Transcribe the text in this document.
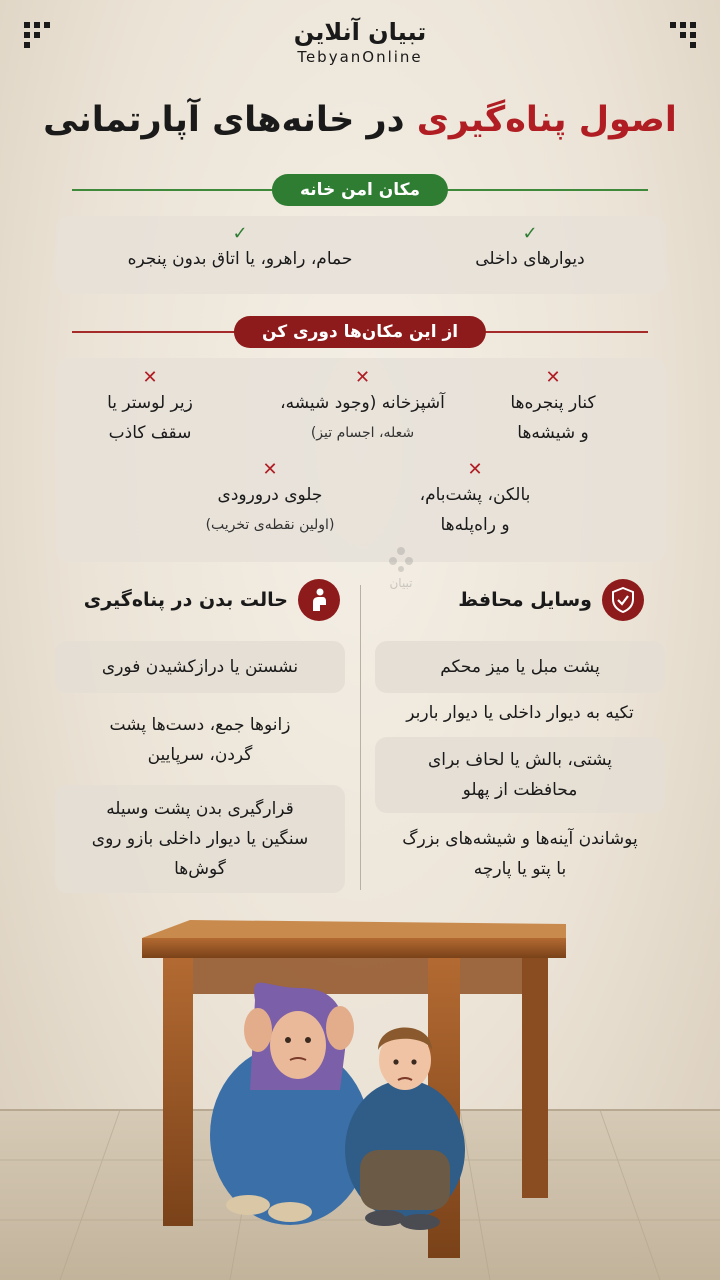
تبیان آنلاین
TebyanOnline
اصول پناه‌گیری در خانه‌های آپارتمانی
مکان امن خانه
✓
دیوارهای داخلی
✓
حمام، راهرو، یا اتاق بدون پنجره
از این مکان‌ها دوری کن
✕
کنار پنجره‌ها
و شیشه‌ها
✕
آشپزخانه (وجود شیشه،
شعله، اجسام تیز)
✕
زیر لوستر یا
سقف کاذب
✕
بالکن، پشت‌بام،
و راه‌پله‌ها
✕
جلوی درورودی
(اولین نقطه‌ی تخریب)
تبیان
وسایل محافظ
حالت بدن در پناه‌گیری
پشت مبل یا میز محکم
تکیه به دیوار داخلی یا دیوار باربر
پشتی، بالش یا لحاف برای محافظت از پهلو
پوشاندن آینه‌ها و شیشه‌های بزرگ با پتو یا پارچه
نشستن یا درازکشیدن فوری
زانوها جمع، دست‌ها پشت گردن، سرپایین
قرارگیری بدن پشت وسیله سنگین یا دیوار داخلی بازو روی گوش‌ها
